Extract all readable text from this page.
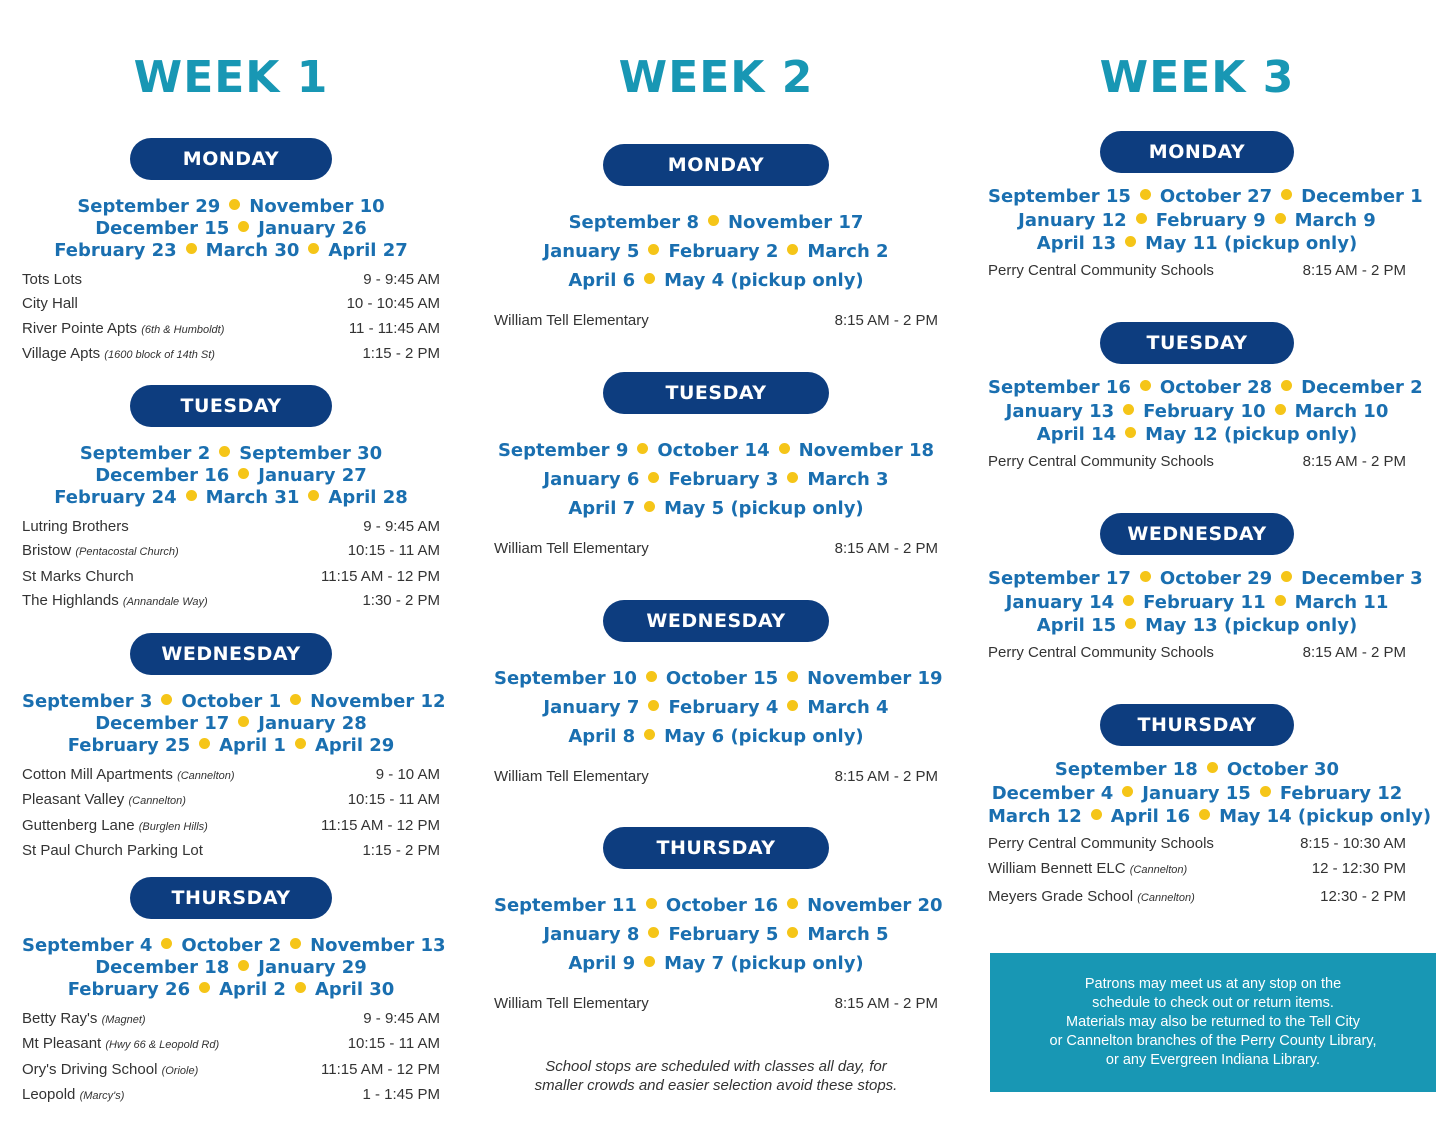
WEEK 1
MONDAY
September 29 November 10
December 15 January 26
February 23 March 30 April 27
Tots Lots	9 - 9:45 AM
City Hall	10 - 10:45 AM
River Pointe Apts (6th & Humboldt)	11 - 11:45 AM
Village Apts (1600 block of 14th St)	1:15 - 2 PM
TUESDAY
September 2 September 30
December 16 January 27
February 24 March 31 April 28
Lutring Brothers	9 - 9:45 AM
Bristow (Pentacostal Church)	10:15 - 11 AM
St Marks Church	11:15 AM - 12 PM
The Highlands (Annandale Way)	1:30 - 2 PM
WEDNESDAY
September 3 October 1 November 12
December 17 January 28
February 25 April 1 April 29
Cotton Mill Apartments (Cannelton)	9 - 10 AM
Pleasant Valley (Cannelton)	10:15 - 11 AM
Guttenberg Lane (Burglen Hills)	11:15 AM - 12 PM
St Paul Church Parking Lot	1:15 - 2 PM
THURSDAY
September 4 October 2 November 13
December 18 January 29
February 26 April 2 April 30
Betty Ray's (Magnet)	9 - 9:45 AM
Mt Pleasant (Hwy 66 & Leopold Rd)	10:15 - 11 AM
Ory's Driving School (Oriole)	11:15 AM - 12 PM
Leopold (Marcy's)	1 - 1:45 PM
WEEK 2
MONDAY
September 8 November 17
January 5 February 2 March 2
April 6 May 4 (pickup only)
William Tell Elementary	8:15 AM - 2 PM
TUESDAY
September 9 October 14 November 18
January 6 February 3 March 3
April 7 May 5 (pickup only)
William Tell Elementary	8:15 AM - 2 PM
WEDNESDAY
September 10 October 15 November 19
January 7 February 4 March 4
April 8 May 6 (pickup only)
William Tell Elementary	8:15 AM - 2 PM
THURSDAY
September 11 October 16 November 20
January 8 February 5 March 5
April 9 May 7 (pickup only)
William Tell Elementary	8:15 AM - 2 PM
School stops are scheduled with classes all day, for
smaller crowds and easier selection avoid these stops.
WEEK 3
MONDAY
September 15 October 27 December 1
January 12 February 9 March 9
April 13 May 11 (pickup only)
Perry Central Community Schools	8:15 AM - 2 PM
TUESDAY
September 16 October 28 December 2
January 13 February 10 March 10
April 14 May 12 (pickup only)
Perry Central Community Schools	8:15 AM - 2 PM
WEDNESDAY
September 17 October 29 December 3
January 14 February 11 March 11
April 15 May 13 (pickup only)
Perry Central Community Schools	8:15 AM - 2 PM
THURSDAY
September 18 October 30
December 4 January 15 February 12
March 12 April 16 May 14 (pickup only)
Perry Central Community Schools	8:15 - 10:30 AM
William Bennett ELC (Cannelton)	12 - 12:30 PM
Meyers Grade School (Cannelton)	12:30 - 2 PM
Patrons may meet us at any stop on the
schedule to check out or return items.
Materials may also be returned to the Tell City
or Cannelton branches of the Perry County Library,
or any Evergreen Indiana Library.
